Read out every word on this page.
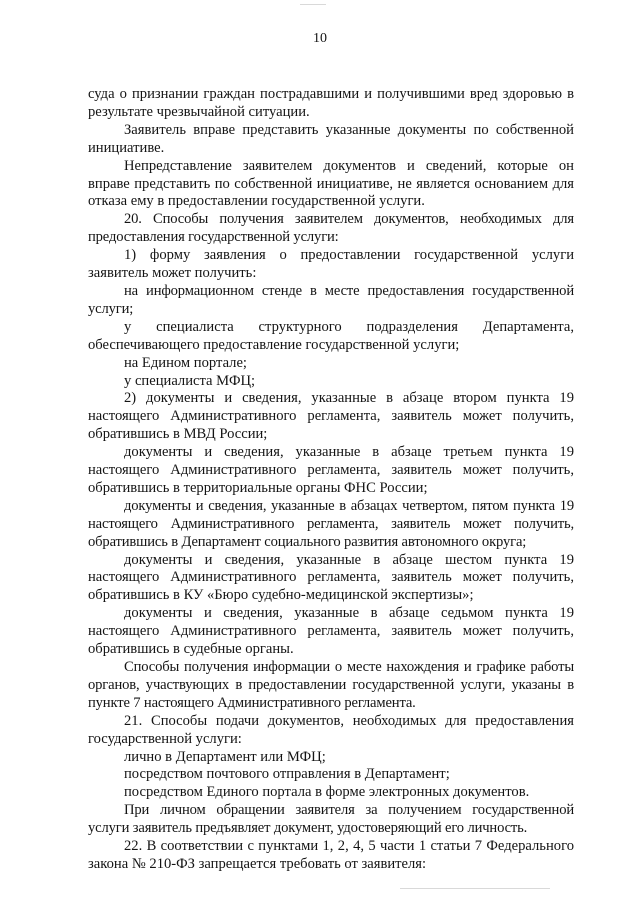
10

суда о признании граждан пострадавшими и получившими вред здоровью в результате чрезвычайной ситуации.

Заявитель вправе представить указанные документы по собственной инициативе.

Непредставление заявителем документов и сведений, которые он вправе представить по собственной инициативе, не является основанием для отказа ему в предоставлении государственной услуги.

20. Способы получения заявителем документов, необходимых для предоставления государственной услуги:

1) форму заявления о предоставлении государственной услуги заявитель может получить:

на информационном стенде в месте предоставления государственной услуги;

у специалиста структурного подразделения Департамента, обеспечивающего предоставление государственной услуги;

на Едином портале;

у специалиста МФЦ;

2) документы и сведения, указанные в абзаце втором пункта 19 настоящего Административного регламента, заявитель может получить, обратившись в МВД России;

документы и сведения, указанные в абзаце третьем пункта 19 настоящего Административного регламента, заявитель может получить, обратившись в территориальные органы ФНС России;

документы и сведения, указанные в абзацах четвертом, пятом пункта 19 настоящего Административного регламента, заявитель может получить, обратившись в Департамент социального развития автономного округа;

документы и сведения, указанные в абзаце шестом пункта 19 настоящего Административного регламента, заявитель может получить, обратившись в КУ «Бюро судебно-медицинской экспертизы»;

документы и сведения, указанные в абзаце седьмом пункта 19 настоящего Административного регламента, заявитель может получить, обратившись в судебные органы.

Способы получения информации о месте нахождения и графике работы органов, участвующих в предоставлении государственной услуги, указаны в пункте 7 настоящего Административного регламента.

21. Способы подачи документов, необходимых для предоставления государственной услуги:

лично в Департамент или МФЦ;

посредством почтового отправления в Департамент;

посредством Единого портала в форме электронных документов.

При личном обращении заявителя за получением государственной услуги заявитель предъявляет документ, удостоверяющий его личность.

22. В соответствии с пунктами 1, 2, 4, 5 части 1 статьи 7 Федерального закона № 210-ФЗ запрещается требовать от заявителя:
